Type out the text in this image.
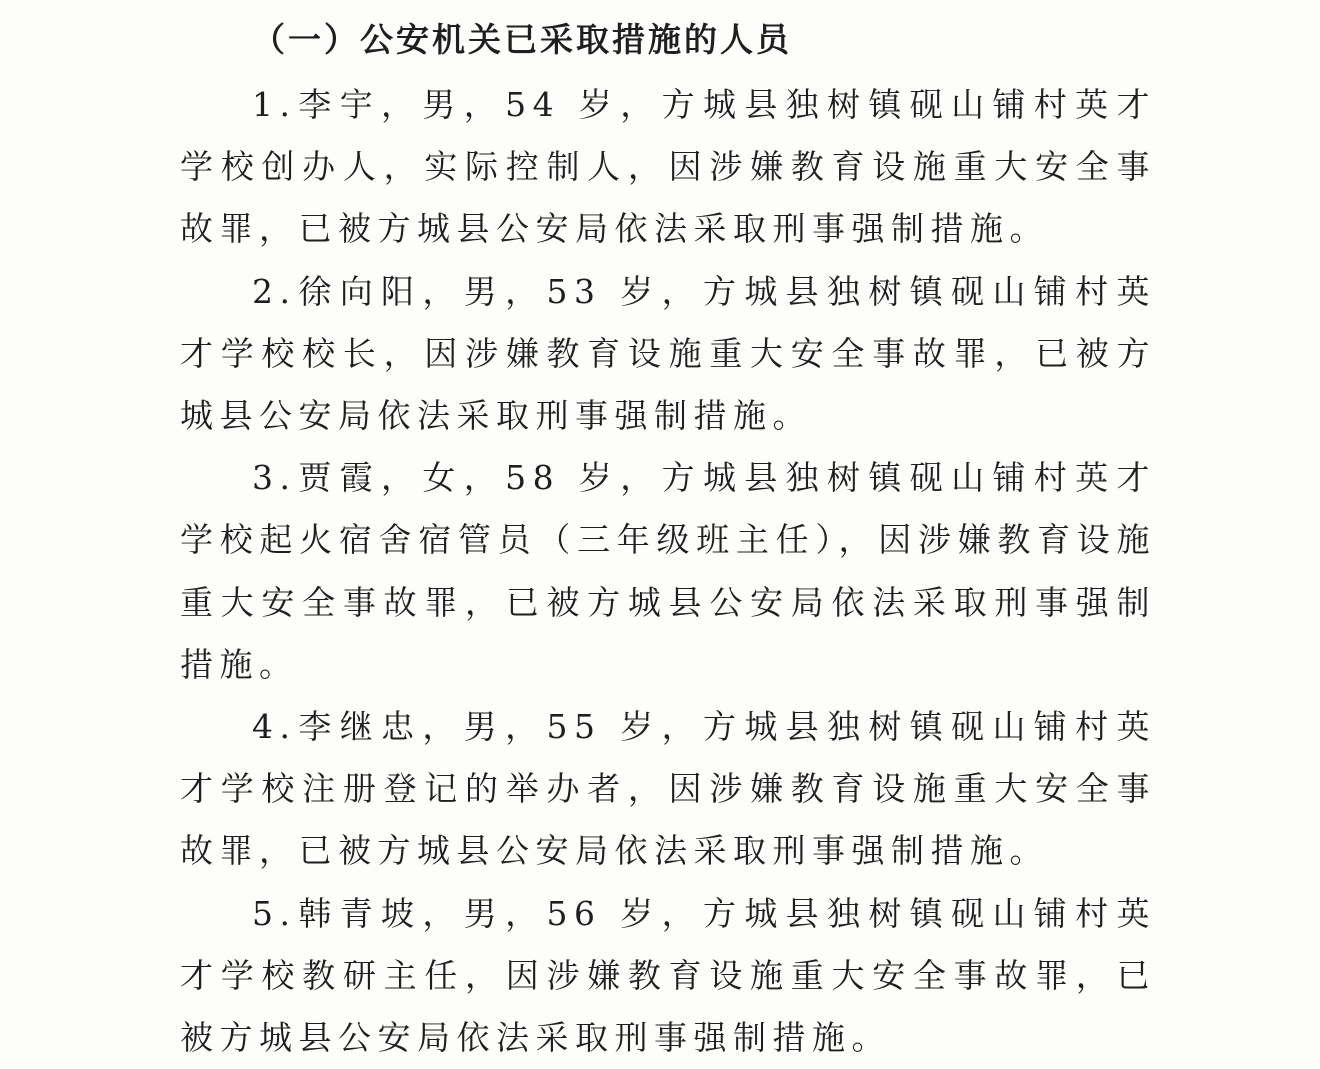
（一）公安机关已采取措施的人员

1.李宇，男，54 岁，方城县独树镇砚山铺村英才学校创办人，实际控制人，因涉嫌教育设施重大安全事故罪，已被方城县公安局依法采取刑事强制措施。

2.徐向阳，男，53 岁，方城县独树镇砚山铺村英才学校校长，因涉嫌教育设施重大安全事故罪，已被方城县公安局依法采取刑事强制措施。

3.贾霞，女，58 岁，方城县独树镇砚山铺村英才学校起火宿舍宿管员（三年级班主任），因涉嫌教育设施重大安全事故罪，已被方城县公安局依法采取刑事强制措施。

4.李继忠，男，55 岁，方城县独树镇砚山铺村英才学校注册登记的举办者，因涉嫌教育设施重大安全事故罪，已被方城县公安局依法采取刑事强制措施。

5.韩青坡，男，56 岁，方城县独树镇砚山铺村英才学校教研主任，因涉嫌教育设施重大安全事故罪，已被方城县公安局依法采取刑事强制措施。
